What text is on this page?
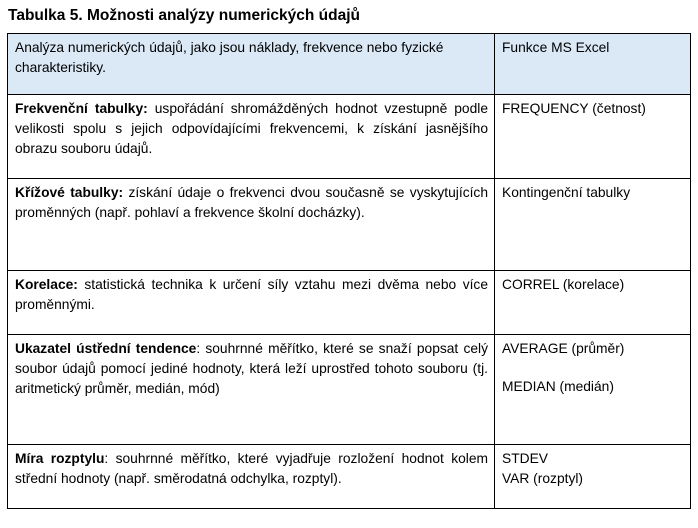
Tabulka 5. Možnosti analýzy numerických údajů
Analýza numerických údajů, jako jsou náklady, frekvence nebo fyzické charakteristiky.	Funkce MS Excel
Frekvenční tabulky: uspořádání shromážděných hodnot vzestupně podle velikosti spolu s jejich odpovídajícími frekvencemi, k získání jasnějšího obrazu souboru údajů.	FREQUENCY (četnost)

Křížové tabulky: získání údaje o frekvenci dvou současně se vyskytujících proměnných (např. pohlaví a frekvence školní docházky).	Kontingenční tabulky

Korelace: statistická technika k určení síly vztahu mezi dvěma nebo více proměnnými.	CORREL (korelace)

Ukazatel ústřední tendence: souhrnné měřítko, které se snaží popsat celý soubor údajů pomocí jediné hodnoty, která leží uprostřed tohoto souboru (tj. aritmetický průměr, medián, mód)	AVERAGE (průměr)
MEDIAN (medián)

Míra rozptylu: souhrnné měřítko, které vyjadřuje rozložení hodnot kolem střední hodnoty (např. směrodatná odchylka, rozptyl).	STDEV
VAR (rozptyl)
